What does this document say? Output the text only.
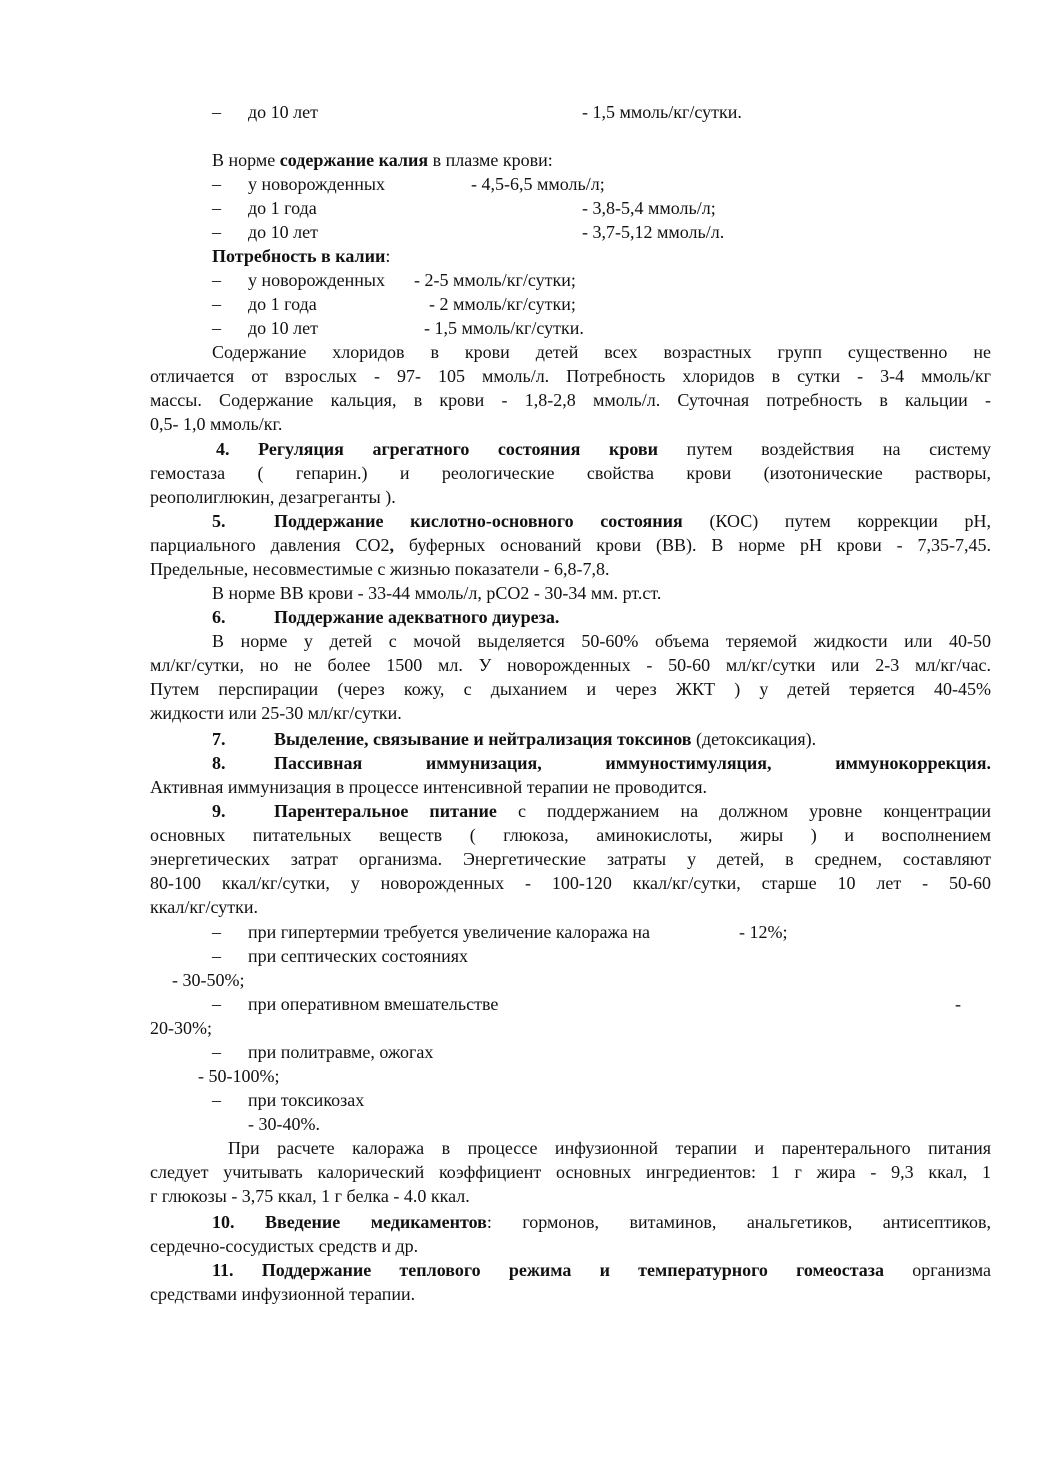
– до 10 лет	- 1,5 ммоль/кг/сутки.
В норме содержание калия в плазме крови:
– у новорожденных	- 4,5-6,5 ммоль/л;
– до 1 года	- 3,8-5,4 ммоль/л;
– до 10 лет	- 3,7-5,12 ммоль/л.
Потребность в калии:
– у новорожденных - 2-5 ммоль/кг/сутки;
– до 1 года	- 2 ммоль/кг/сутки;
– до 10 лет	- 1,5 ммоль/кг/сутки.
Содержание хлоридов в крови детей всех возрастных групп существенно не
отличается от взрослых - 97- 105 ммоль/л. Потребность хлоридов в сутки - 3-4 ммоль/кг
массы. Содержание кальция, в крови - 1,8-2,8 ммоль/л. Суточная потребность в кальции -
0,5- 1,0 ммоль/кг.
4. Регуляция агрегатного состояния крови путем воздействия на систему
гемостаза ( гепарин.) и реологические свойства крови (изотонические растворы,
реополиглюкин, дезагреганты ).
5.	Поддержание кислотно-основного состояния (КОС) путем коррекции рН,
парциального давления СО2, буферных оснований крови (ВВ). В норме рН крови - 7,35-7,45.
Предельные, несовместимые с жизнью показатели - 6,8-7,8.
В норме ВВ крови - 33-44 ммоль/л, рСО2 - 30-34 мм. рт.ст.
6.	Поддержание адекватного диуреза.
В норме у детей с мочой выделяется 50-60% объема теряемой жидкости или 40-50
мл/кг/сутки, но не более 1500 мл. У новорожденных - 50-60 мл/кг/сутки или 2-3 мл/кг/час.
Путем перспирации (через кожу, с дыханием и через ЖКТ ) у детей теряется 40-45%
жидкости или 25-30 мл/кг/сутки.
7.	Выделение, связывание и нейтрализация токсинов (детоксикация).
8.	Пассивная иммунизация, иммуностимуляция, иммунокоррекция.
Активная иммунизация в процессе интенсивной терапии не проводится.
9.	Парентеральное питание с поддержанием на должном уровне концентрации
основных питательных веществ ( глюкоза, аминокислоты, жиры ) и восполнением
энергетических затрат организма. Энергетические затраты у детей, в среднем, составляют
80-100 ккал/кг/сутки, у новорожденных - 100-120 ккал/кг/сутки, старше 10 лет - 50-60
ккал/кг/сутки.
– при гипертермии требуется увеличение калоража на	- 12%;
– при септических состояниях
- 30-50%;
– при оперативном вмешательстве	-
20-30%;
– при политравме, ожогах
- 50-100%;
– при токсикозах
- 30-40%.
При расчете калоража в процессе инфузионной терапии и парентерального питания
следует учитывать калорический коэффициент основных ингредиентов: 1 г жира - 9,3 ккал, 1
г глюкозы - 3,75 ккал, 1 г белка - 4.0 ккал.
10. Введение медикаментов: гормонов, витаминов, анальгетиков, антисептиков,
сердечно-сосудистых средств и др.
11. Поддержание теплового режима и температурного гомеостаза организма
средствами инфузионной терапии.
